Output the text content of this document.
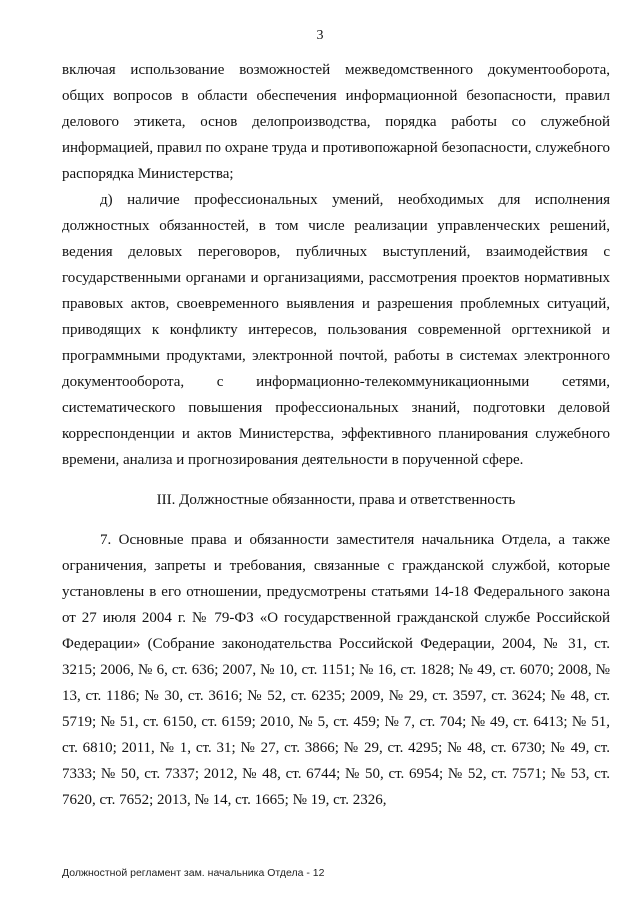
3

включая использование возможностей межведомственного документооборота, общих вопросов в области обеспечения информационной безопасности, правил делового этикета, основ делопроизводства, порядка работы со служебной информацией, правил по охране труда и противопожарной безопасности, служебного распорядка Министерства;

д) наличие профессиональных умений, необходимых для исполнения должностных обязанностей, в том числе реализации управленческих решений, ведения деловых переговоров, публичных выступлений, взаимодействия с государственными органами и организациями, рассмотрения проектов нормативных правовых актов, своевременного выявления и разрешения проблемных ситуаций, приводящих к конфликту интересов, пользования современной оргтехникой и программными продуктами, электронной почтой, работы в системах электронного документооборота, с информационно-телекоммуникационными сетями, систематического повышения профессиональных знаний, подготовки деловой корреспонденции и актов Министерства, эффективного планирования служебного времени, анализа и прогнозирования деятельности в порученной сфере.

III. Должностные обязанности, права и ответственность

7. Основные права и обязанности заместителя начальника Отдела, а также ограничения, запреты и требования, связанные с гражданской службой, которые установлены в его отношении, предусмотрены статьями 14-18 Федерального закона от 27 июля 2004 г. № 79-ФЗ «О государственной гражданской службе Российской Федерации» (Собрание законодательства Российской Федерации, 2004, № 31, ст. 3215; 2006, № 6, ст. 636; 2007, № 10, ст. 1151; № 16, ст. 1828; № 49, ст. 6070; 2008, № 13, ст. 1186; № 30, ст. 3616; № 52, ст. 6235; 2009, № 29, ст. 3597, ст. 3624; № 48, ст. 5719; № 51, ст. 6150, ст. 6159; 2010, № 5, ст. 459; № 7, ст. 704; № 49, ст. 6413; № 51, ст. 6810; 2011, № 1, ст. 31; № 27, ст. 3866; № 29, ст. 4295; № 48, ст. 6730; № 49, ст. 7333; № 50, ст. 7337; 2012, № 48, ст. 6744; № 50, ст. 6954; № 52, ст. 7571; № 53, ст. 7620, ст. 7652; 2013, № 14, ст. 1665; № 19, ст. 2326,

Должностной регламент зам. начальника Отдела - 12
